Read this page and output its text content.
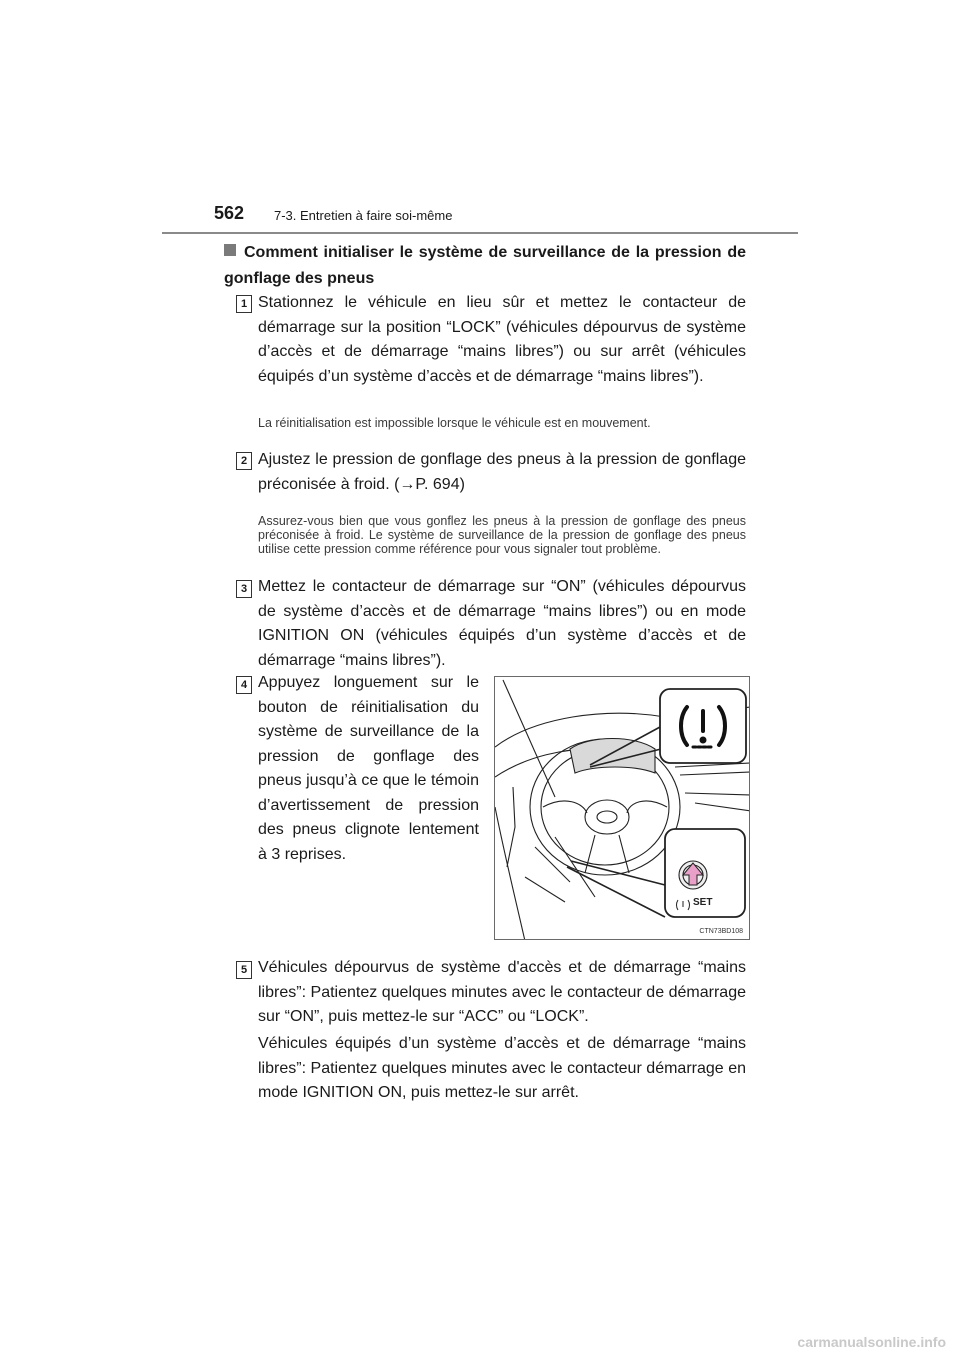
562 7-3. Entretien à faire soi-même
Comment initialiser le système de surveillance de la pression de gonflage des pneus
1 Stationnez le véhicule en lieu sûr et mettez le contacteur de démarrage sur la position “LOCK” (véhicules dépourvus de système d’accès et de démarrage “mains libres”) ou sur arrêt (véhicules équipés d’un système d’accès et de démarrage “mains libres”).
La réinitialisation est impossible lorsque le véhicule est en mouvement.
2 Ajustez le pression de gonflage des pneus à la pression de gonflage préconisée à froid. (→P. 694)
Assurez-vous bien que vous gonflez les pneus à la pression de gonflage des pneus préconisée à froid. Le système de surveillance de la pression de gonflage des pneus utilise cette pression comme référence pour vous signaler tout problème.
3 Mettez le contacteur de démarrage sur “ON” (véhicules dépourvus de système d’accès et de démarrage “mains libres”) ou en mode IGNITION ON (véhicules équipés d’un système d’accès et de démarrage “mains libres”).
4 Appuyez longuement sur le bouton de réinitialisation du système de surveillance de la pression de gonflage des pneus jusqu’à ce que le témoin d’avertissement de pression des pneus clignote lentement à 3 reprises.
SET
CTN73BD108
5 Véhicules dépourvus de système d'accès et de démarrage “mains libres”: Patientez quelques minutes avec le contacteur de démarrage sur “ON”, puis mettez-le sur “ACC” ou “LOCK”.
Véhicules équipés d’un système d’accès et de démarrage “mains libres”: Patientez quelques minutes avec le contacteur démarrage en mode IGNITION ON, puis mettez-le sur arrêt.
carmanualsonline.info
